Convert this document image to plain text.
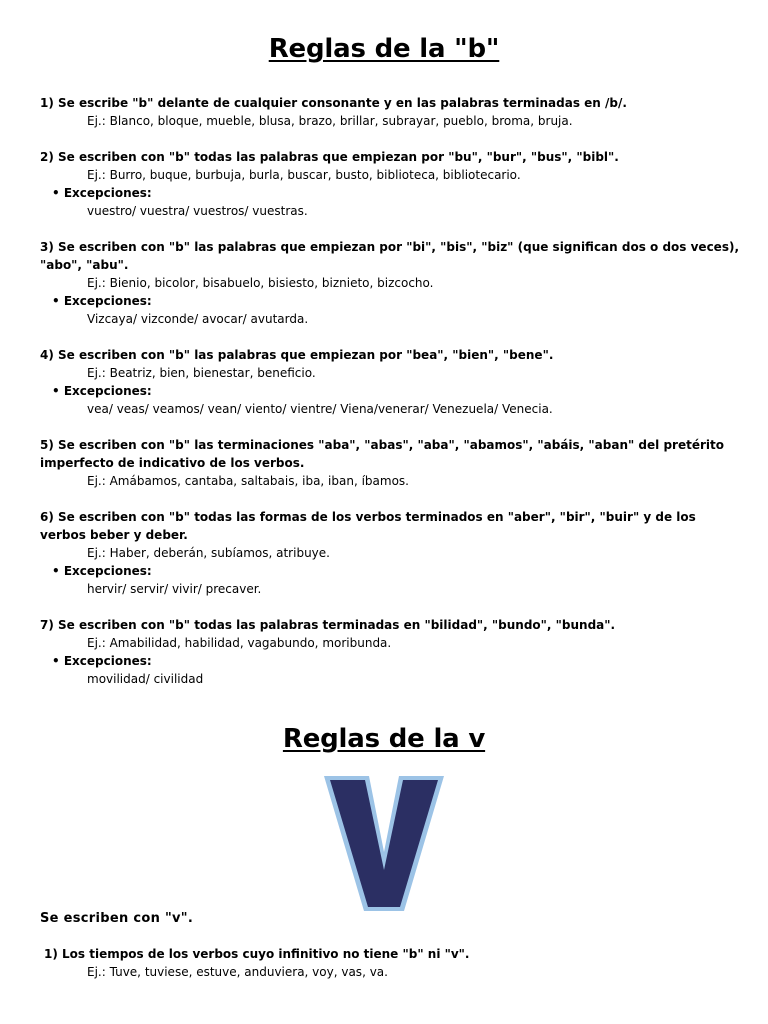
Reglas de la "b"
1) Se escribe "b" delante de cualquier consonante y en las palabras terminadas en /b/.
Ej.: Blanco, bloque, mueble, blusa, brazo, brillar, subrayar, pueblo, broma, bruja.
2) Se escriben con "b" todas las palabras que empiezan por "bu", "bur", "bus", "bibl".
Ej.: Burro, buque, burbuja, burla, buscar, busto, biblioteca, bibliotecario.
• Excepciones:
vuestro/ vuestra/ vuestros/ vuestras.
3) Se escriben con "b" las palabras que empiezan por "bi", "bis", "biz" (que significan dos o dos veces), "abo", "abu".
Ej.: Bienio, bicolor, bisabuelo, bisiesto, biznieto, bizcocho.
• Excepciones:
Vizcaya/ vizconde/ avocar/ avutarda.
4) Se escriben con "b" las palabras que empiezan por "bea", "bien", "bene".
Ej.: Beatriz, bien, bienestar, beneficio.
• Excepciones:
vea/ veas/ veamos/ vean/ viento/ vientre/ Viena/venerar/ Venezuela/ Venecia.
5) Se escriben con "b" las terminaciones "aba", "abas", "aba", "abamos", "abáis, "aban" del pretérito imperfecto de indicativo de los verbos.
Ej.: Amábamos, cantaba, saltabais, iba, iban, íbamos.
6) Se escriben con "b" todas las formas de los verbos terminados en "aber", "bir", "buir" y de los verbos beber y deber.
Ej.: Haber, deberán, subíamos, atribuye.
• Excepciones:
hervir/ servir/ vivir/ precaver.
7) Se escriben con "b" todas las palabras terminadas en "bilidad", "bundo", "bunda".
Ej.: Amabilidad, habilidad, vagabundo, moribunda.
• Excepciones:
movilidad/ civilidad
Reglas de la v
Se escriben con "v".
1) Los tiempos de los verbos cuyo infinitivo no tiene "b" ni "v".
Ej.: Tuve, tuviese, estuve, anduviera, voy, vas, va.
